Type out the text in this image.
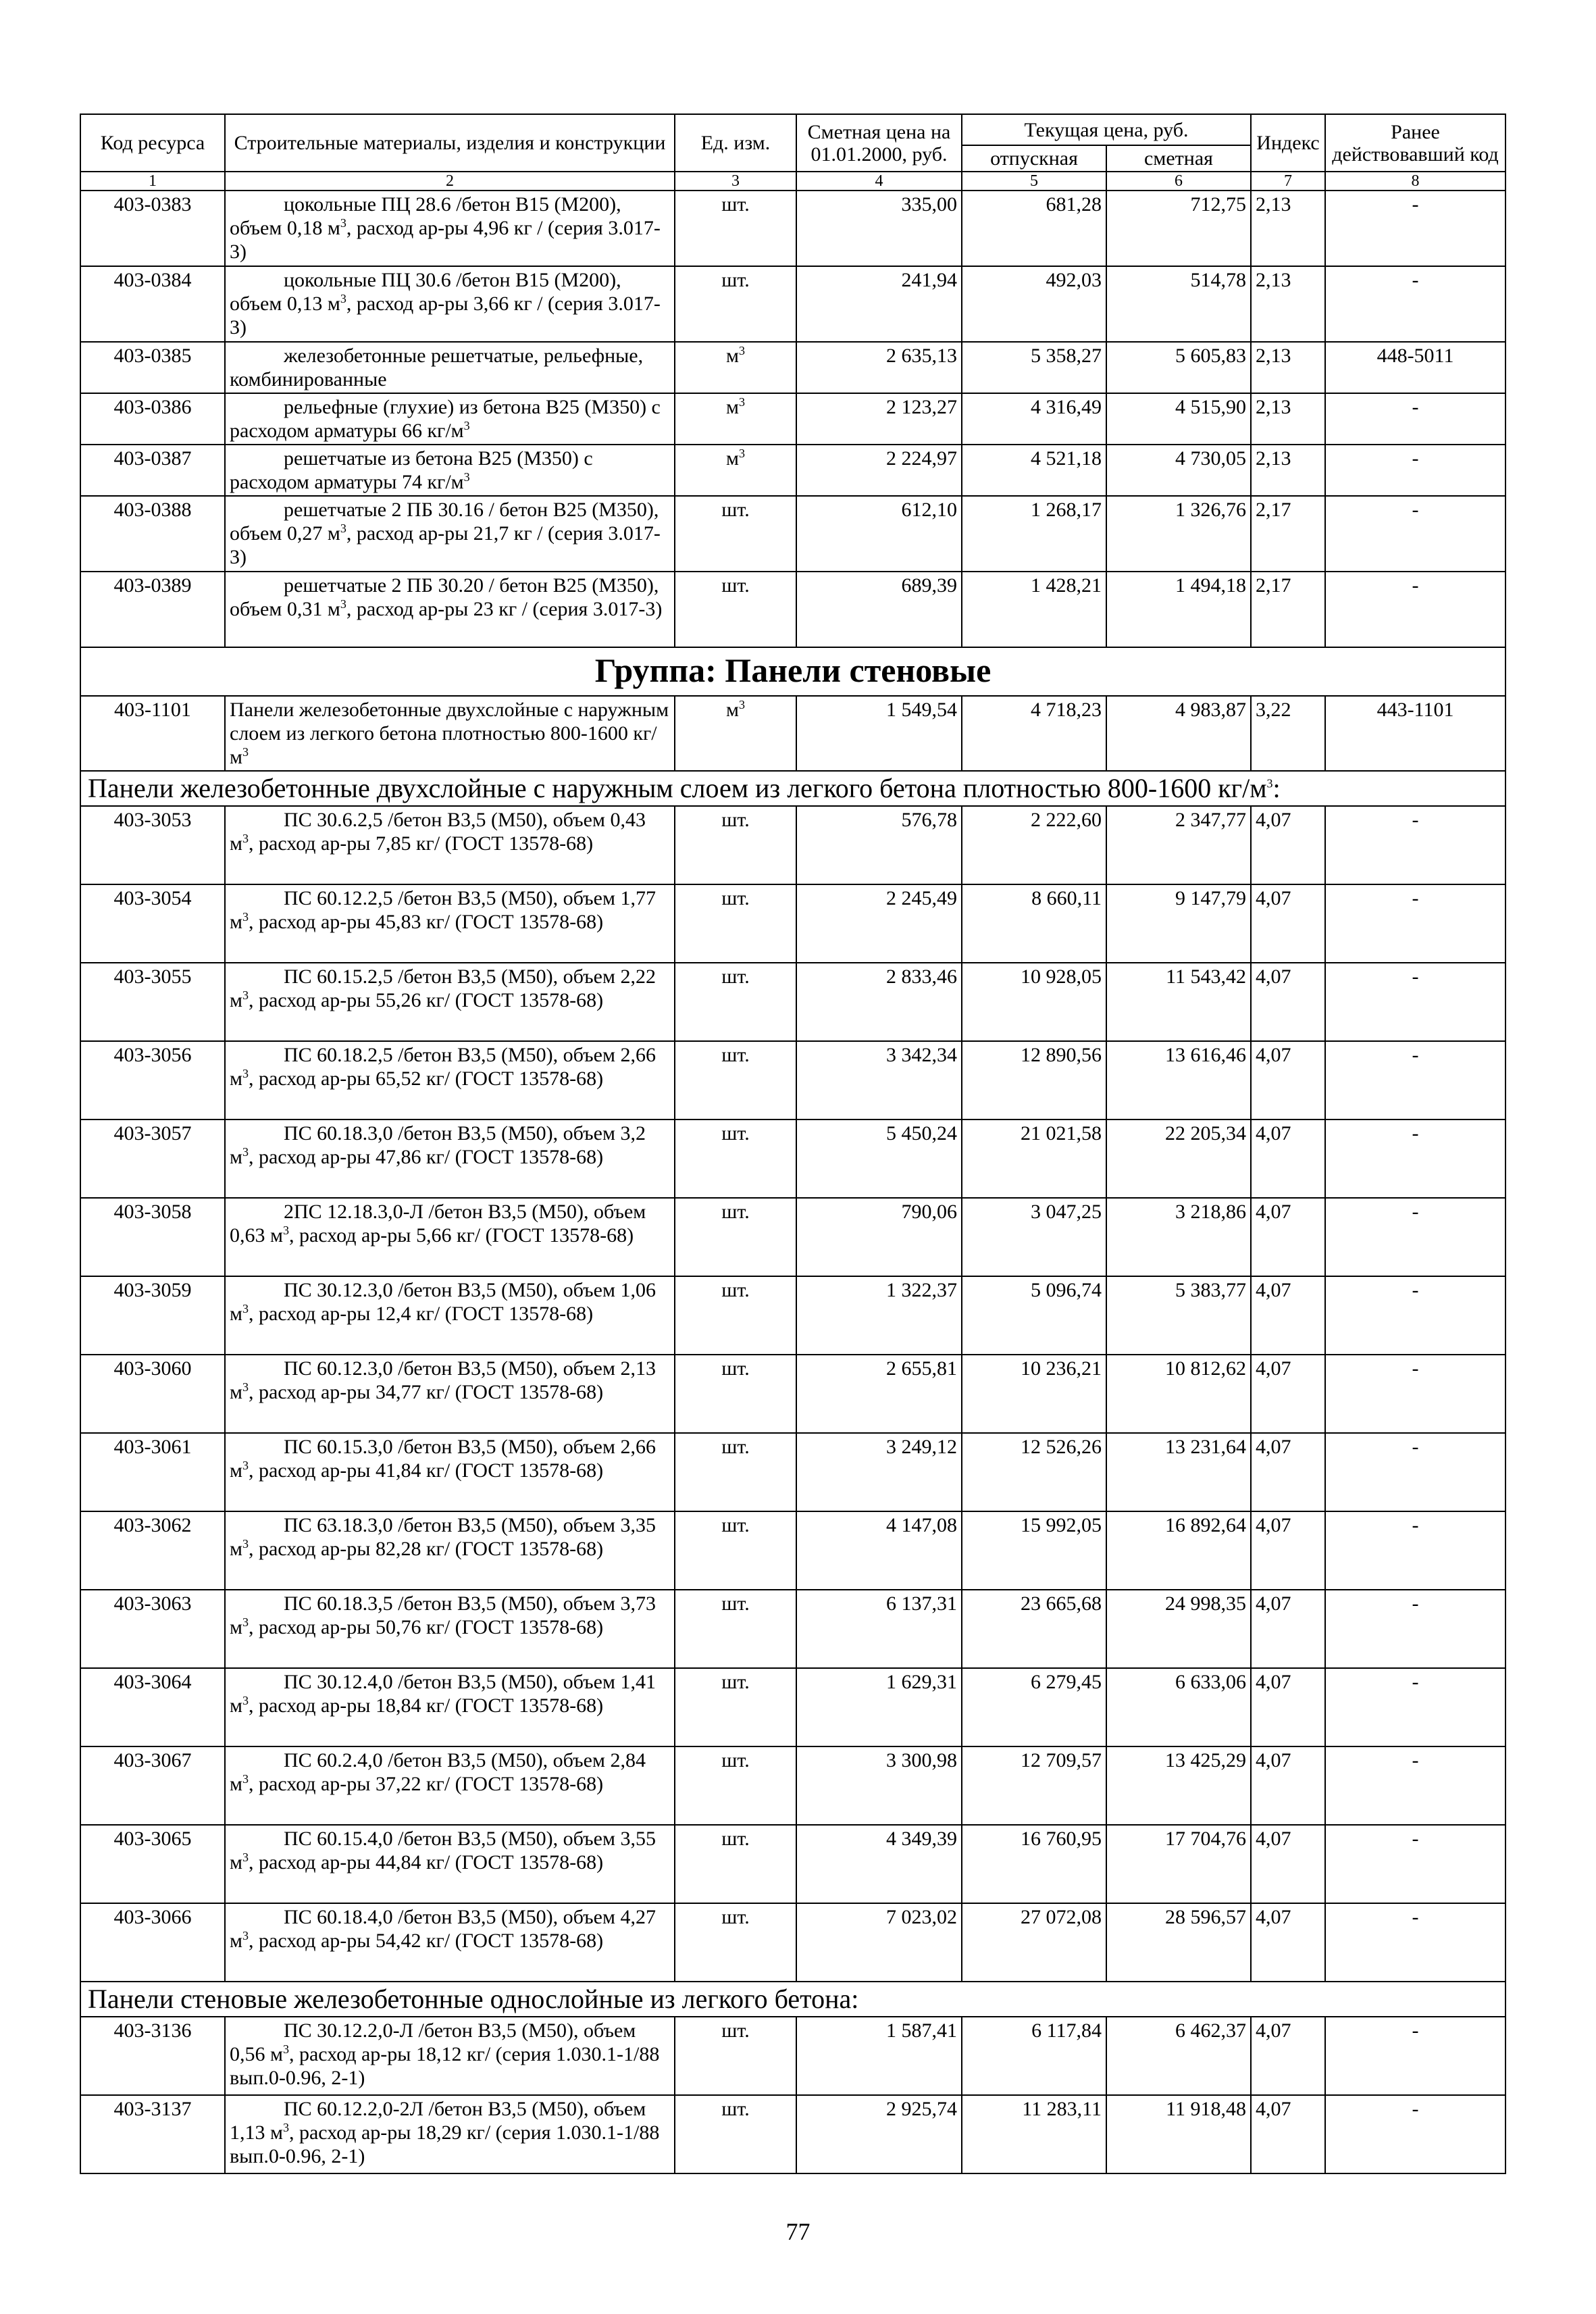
Код ресурса	Строительные материалы, изделия и конструкции	Ед. изм.	Сметная цена на 01.01.2000, руб.	Текущая цена, руб.		Индекс	Ранее действовавший код
				отпускная	сметная		
1	2	3	4	5	6	7	8
403-0383	цокольные ПЦ 28.6 /бетон В15 (М200), объем 0,18 $м^3$, расход ар-ры 4,96 кг / (серия 3.017-3)	шт.	335,00	681,28	712,75	2,13	-
403-0384	цокольные ПЦ 30.6 /бетон В15 (М200), объем 0,13 $м^3$, расход ар-ры 3,66 кг / (серия 3.017-3)	шт.	241,94	492,03	514,78	2,13	-
403-0385	железобетонные решетчатые, рельефные, комбинированные	$м^3$	2 635,13	5 358,27	5 605,83	2,13	448-5011
403-0386	рельефные (глухие) из бетона В25 (М350) с расходом арматуры 66 $кг/м^3$	$м^3$	2 123,27	4 316,49	4 515,90	2,13	-
403-0387	решетчатые из бетона В25 (М350) с расходом арматуры 74 $кг/м^3$	$м^3$	2 224,97	4 521,18	4 730,05	2,13	-
403-0388	решетчатые 2 ПБ 30.16 / бетон В25 (М350), объем 0,27 $м^3$, расход ар-ры 21,7 кг / (серия 3.017-3)	шт.	612,10	1 268,17	1 326,76	2,17	-
403-0389	решетчатые 2 ПБ 30.20 / бетон В25 (М350), объем 0,31 $м^3$, расход ар-ры 23 кг / (серия 3.017-3)	шт.	689,39	1 428,21	1 494,18	2,17	-
Группа: Панели стеновые							
403-1101	Панели железобетонные двухслойные с наружным слоем из легкого бетона плотностью 800-1600 $кг/м^3$	$м^3$	1 549,54	4 718,23	4 983,87	3,22	443-1101
Панели железобетонные двухслойные с наружным слоем из легкого бетона плотностью 800-1600 $кг/м^3$:							
403-3053	ПС 30.6.2,5 /бетон В3,5 (М50), объем 0,43 $м^3$, расход ар-ры 7,85 кг/ (ГОСТ 13578-68)	шт.	576,78	2 222,60	2 347,77	4,07	-
403-3054	ПС 60.12.2,5 /бетон В3,5 (М50), объем 1,77 $м^3$, расход ар-ры 45,83 кг/ (ГОСТ 13578-68)	шт.	2 245,49	8 660,11	9 147,79	4,07	-
403-3055	ПС 60.15.2,5 /бетон В3,5 (М50), объем 2,22 $м^3$, расход ар-ры 55,26 кг/ (ГОСТ 13578-68)	шт.	2 833,46	10 928,05	11 543,42	4,07	-
403-3056	ПС 60.18.2,5 /бетон В3,5 (М50), объем 2,66 $м^3$, расход ар-ры 65,52 кг/ (ГОСТ 13578-68)	шт.	3 342,34	12 890,56	13 616,46	4,07	-
403-3057	ПС 60.18.3,0 /бетон В3,5 (М50), объем 3,2 $м^3$, расход ар-ры 47,86 кг/ (ГОСТ 13578-68)	шт.	5 450,24	21 021,58	22 205,34	4,07	-
403-3058	2ПС 12.18.3,0-Л /бетон В3,5 (М50), объем 0,63 $м^3$, расход ар-ры 5,66 кг/ (ГОСТ 13578-68)	шт.	790,06	3 047,25	3 218,86	4,07	-
403-3059	ПС 30.12.3,0 /бетон В3,5 (М50), объем 1,06 $м^3$, расход ар-ры 12,4 кг/ (ГОСТ 13578-68)	шт.	1 322,37	5 096,74	5 383,77	4,07	-
403-3060	ПС 60.12.3,0 /бетон В3,5 (М50), объем 2,13 $м^3$, расход ар-ры 34,77 кг/ (ГОСТ 13578-68)	шт.	2 655,81	10 236,21	10 812,62	4,07	-
403-3061	ПС 60.15.3,0 /бетон В3,5 (М50), объем 2,66 $м^3$, расход ар-ры 41,84 кг/ (ГОСТ 13578-68)	шт.	3 249,12	12 526,26	13 231,64	4,07	-
403-3062	ПС 63.18.3,0 /бетон В3,5 (М50), объем 3,35 $м^3$, расход ар-ры 82,28 кг/ (ГОСТ 13578-68)	шт.	4 147,08	15 992,05	16 892,64	4,07	-
403-3063	ПС 60.18.3,5 /бетон В3,5 (М50), объем 3,73 $м^3$, расход ар-ры 50,76 кг/ (ГОСТ 13578-68)	шт.	6 137,31	23 665,68	24 998,35	4,07	-
403-3064	ПС 30.12.4,0 /бетон В3,5 (М50), объем 1,41 $м^3$, расход ар-ры 18,84 кг/ (ГОСТ 13578-68)	шт.	1 629,31	6 279,45	6 633,06	4,07	-
403-3067	ПС 60.2.4,0 /бетон В3,5 (М50), объем 2,84 $м^3$, расход ар-ры 37,22 кг/ (ГОСТ 13578-68)	шт.	3 300,98	12 709,57	13 425,29	4,07	-
403-3065	ПС 60.15.4,0 /бетон В3,5 (М50), объем 3,55 $м^3$, расход ар-ры 44,84 кг/ (ГОСТ 13578-68)	шт.	4 349,39	16 760,95	17 704,76	4,07	-
403-3066	ПС 60.18.4,0 /бетон В3,5 (М50), объем 4,27 $м^3$, расход ар-ры 54,42 кг/ (ГОСТ 13578-68)	шт.	7 023,02	27 072,08	28 596,57	4,07	-
Панели стеновые железобетонные однослойные из легкого бетона:							
403-3136	ПС 30.12.2,0-Л /бетон В3,5 (М50), объем 0,56 $м^3$, расход ар-ры 18,12 кг/ (серия 1.030.1-1/88 вып.0-0.96, 2-1)	шт.	1 587,41	6 117,84	6 462,37	4,07	-
403-3137	ПС 60.12.2,0-2Л /бетон В3,5 (М50), объем 1,13 $м^3$, расход ар-ры 18,29 кг/ (серия 1.030.1-1/88 вып.0-0.96, 2-1)	шт.	2 925,74	11 283,11	11 918,48	4,07	-
77
